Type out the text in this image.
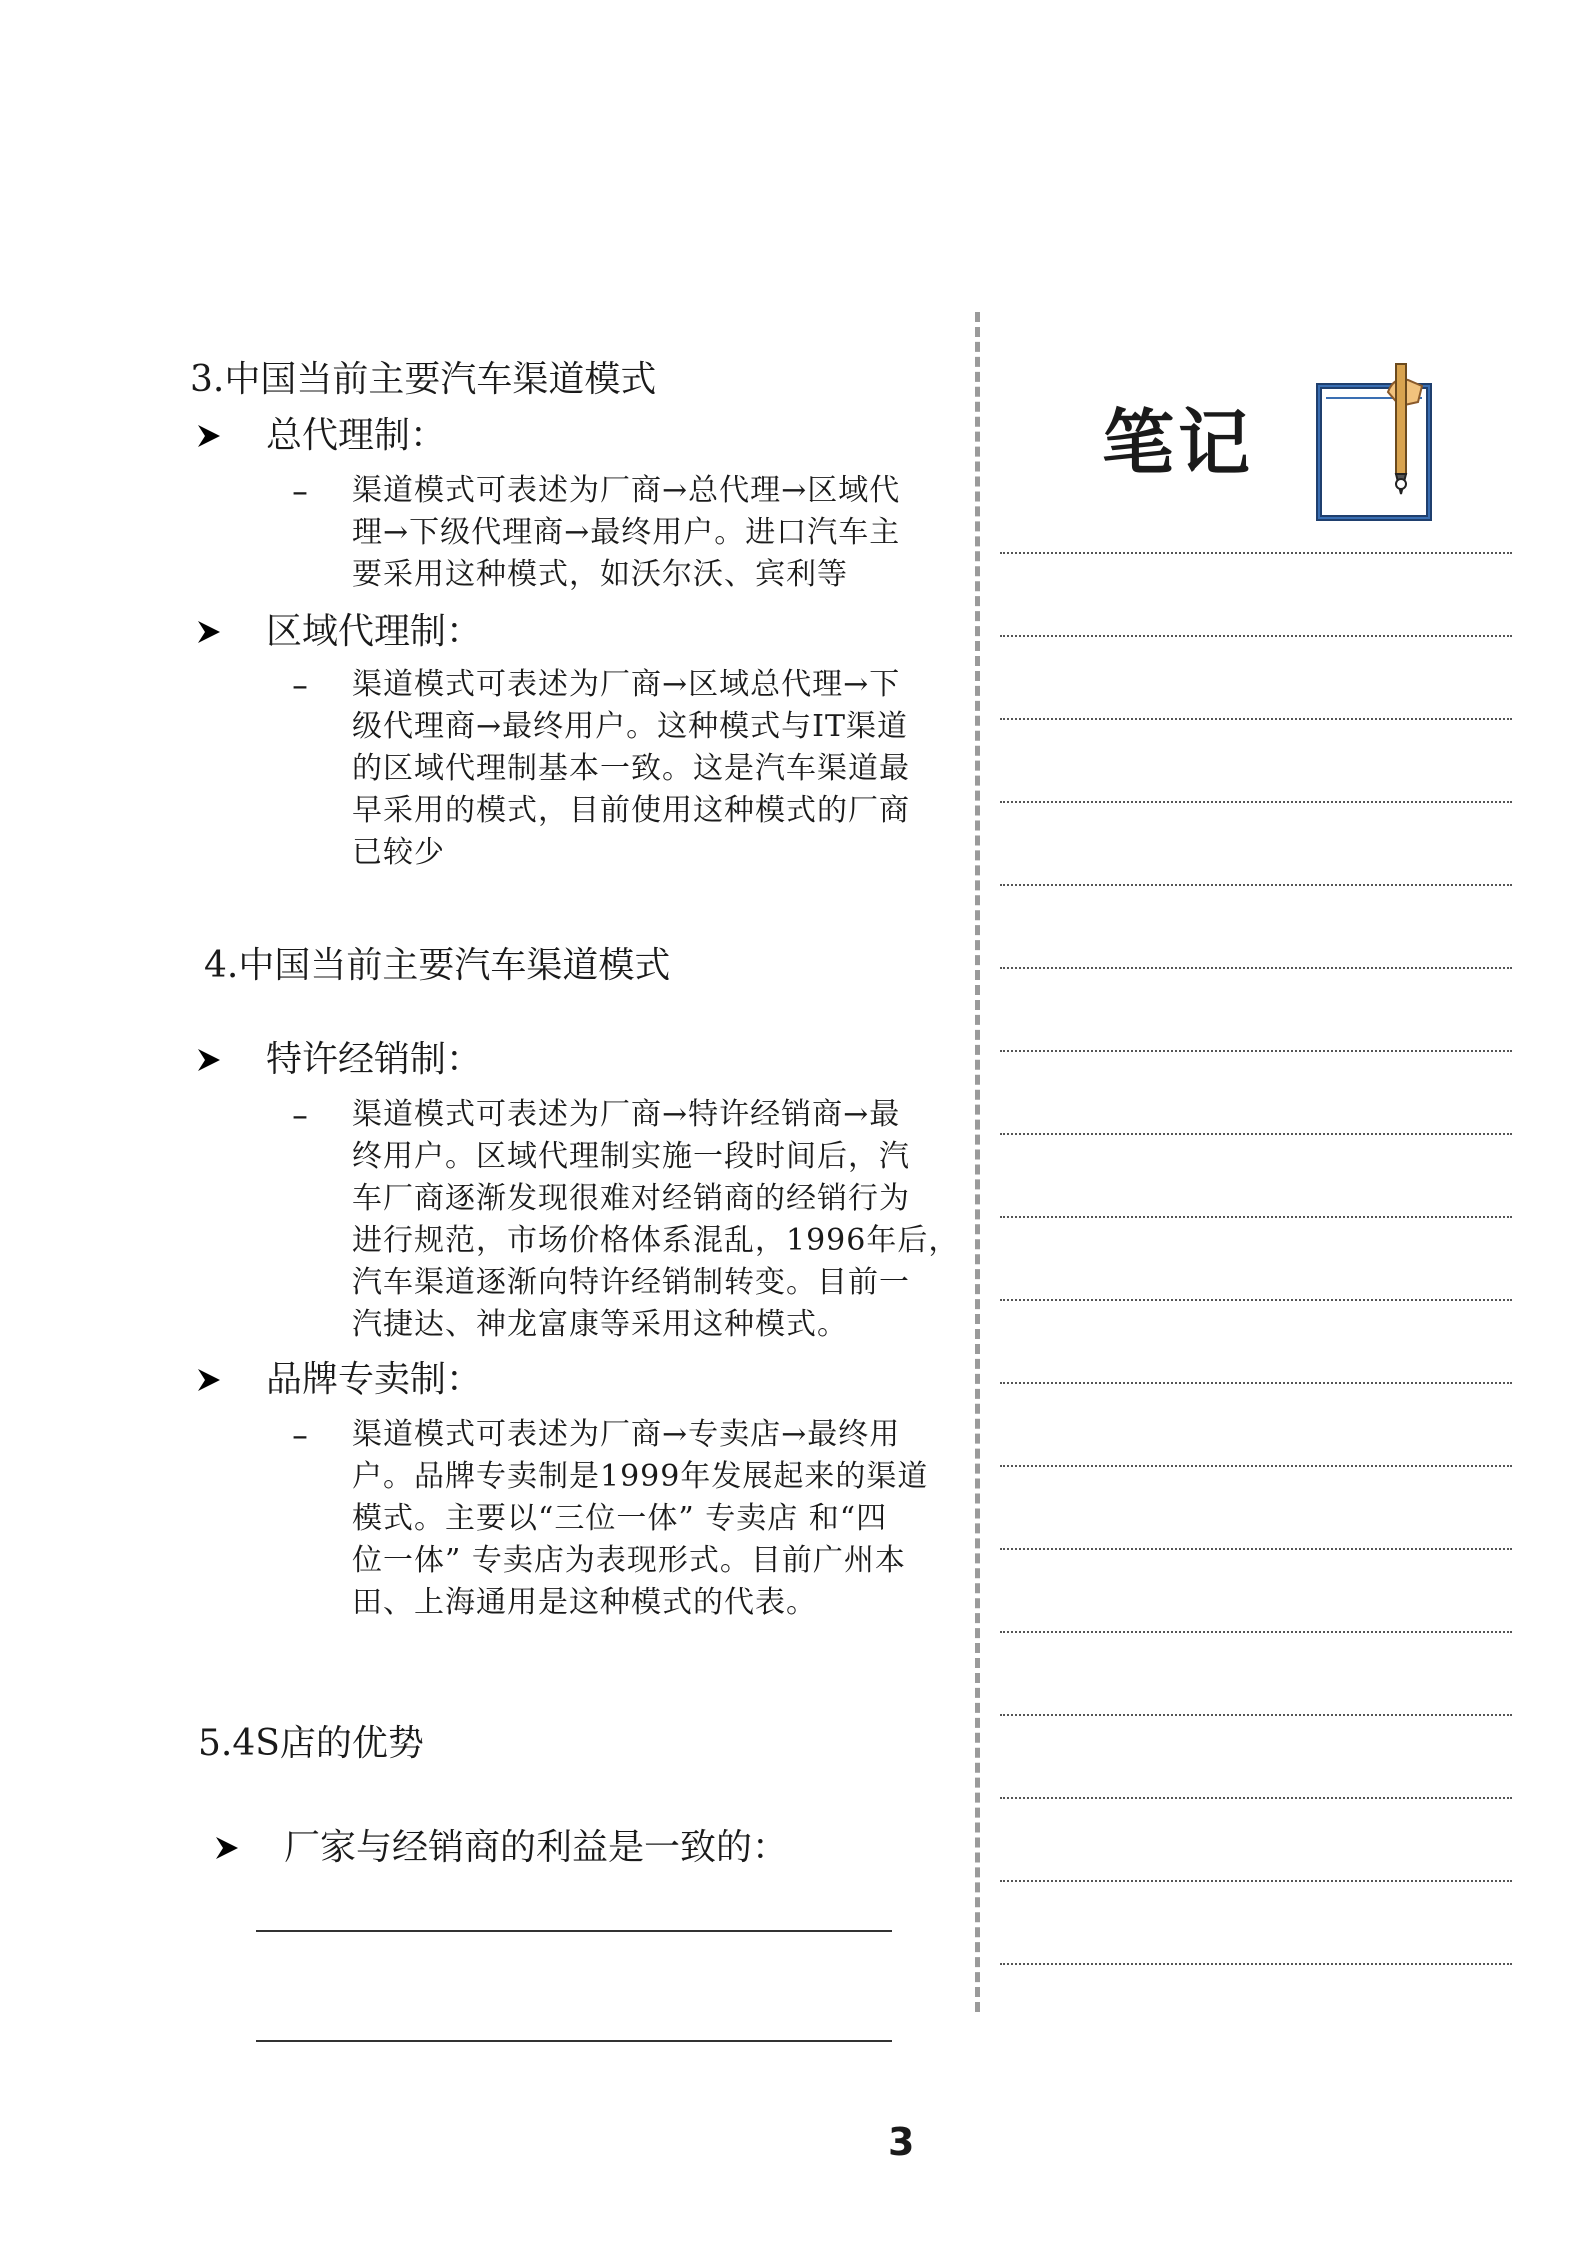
3.中国当前主要汽车渠道模式
总代理制：
– 渠道模式可表述为厂商→总代理→区域代
理→下级代理商→最终用户。进口汽车主
要采用这种模式，如沃尔沃、宾利等
区域代理制：
– 渠道模式可表述为厂商→区域总代理→下
级代理商→最终用户。这种模式与IT渠道
的区域代理制基本一致。这是汽车渠道最
早采用的模式，目前使用这种模式的厂商
已较少
4.中国当前主要汽车渠道模式
特许经销制：
– 渠道模式可表述为厂商→特许经销商→最
终用户。区域代理制实施一段时间后，汽
车厂商逐渐发现很难对经销商的经销行为
进行规范，市场价格体系混乱，1996年后，
汽车渠道逐渐向特许经销制转变。目前一
汽捷达、神龙富康等采用这种模式。
品牌专卖制：
– 渠道模式可表述为厂商→专卖店→最终用
户。品牌专卖制是1999年发展起来的渠道
模式。主要以“三位一体” 专卖店 和“四
位一体” 专卖店为表现形式。目前广州本
田、上海通用是这种模式的代表。
5.4S店的优势
厂家与经销商的利益是一致的：
笔记
3
